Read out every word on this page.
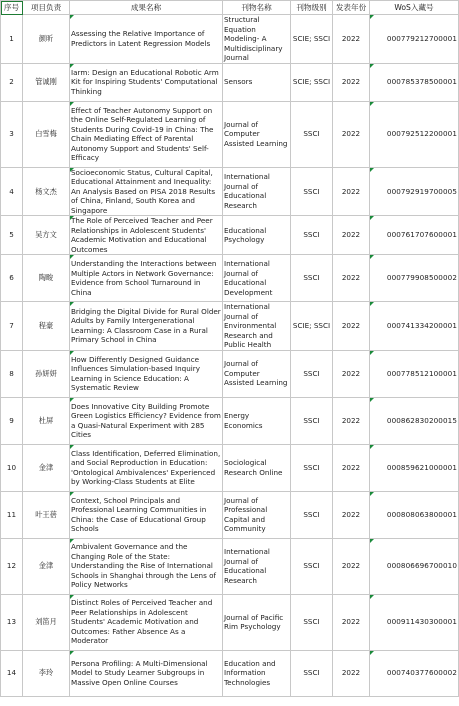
序号	项目负责	成果名称	刊物名称	刊物级别	发表年份	WoS入藏号
1	颜昕	Assessing the Relative Importance of Predictors in Latent Regression Models	Structural Equation Modeling- A Multidisciplinary Journal	SCIE; SSCI	2022	000779212700001
2	管诚刚	Iarm: Design an Educational Robotic Arm Kit for Inspiring Students' Computational Thinking	Sensors	SCIE; SSCI	2022	000785378500001
3	白雪梅	Effect of Teacher Autonomy Support on the Online Self-Regulated Learning of Students During Covid-19 in China: The Chain Mediating Effect of Parental Autonomy Support and Students' Self-Efficacy	Journal of Computer Assisted Learning	SSCI	2022	000792512200001
4	杨文杰	Socioeconomic Status, Cultural Capital, Educational Attainment and Inequality: An Analysis Based on PISA 2018 Results of China, Finland, South Korea and Singapore	International Journal of Educational Research	SSCI	2022	000792919700005
5	吴方文	The Role of Perceived Teacher and Peer Relationships in Adolescent Students' Academic Motivation and Educational Outcomes	Educational Psychology	SSCI	2022	000761707600001
6	陶畯	Understanding the Interactions between Multiple Actors in Network Governance: Evidence from School Turnaround in China	International Journal of Educational Development	SSCI	2022	000779908500002
7	程豪	Bridging the Digital Divide for Rural Older Adults by Family Intergenerational Learning: A Classroom Case in a Rural Primary School in China	International Journal of Environmental Research and Public Health	SCIE; SSCI	2022	000741334200001
8	孙妍妍	How Differently Designed Guidance Influences Simulation-based Inquiry Learning in Science Education: A Systematic Review	Journal of Computer Assisted Learning	SSCI	2022	000778512100001
9	杜屏	Does Innovative City Building Promote Green Logistics Efficiency? Evidence from a Quasi-Natural Experiment with 285 Cities	Energy Economics	SSCI	2022	000862830200015
10	金津	Class Identification, Deferred Elimination, and Social Reproduction in Education: 'Ontological Ambivalences' Experienced by Working-Class Students at Elite	Sociological Research Online	SSCI	2022	000859621000001
11	叶王蓓	Context, School Principals and Professional Learning Communities in China: the Case of Educational Group Schools	Journal of Professional Capital and Community	SSCI	2022	000808063800001
12	金津	Ambivalent Governance and the Changing Role of the State: Understanding the Rise of International Schools in Shanghai through the Lens of Policy Networks	International Journal of Educational Research	SSCI	2022	000806696700010
13	刘笛月	Distinct Roles of Perceived Teacher and Peer Relationships in Adolescent Students' Academic Motivation and Outcomes: Father Absence As a Moderator	Journal of Pacific Rim Psychology	SSCI	2022	000911430300001
14	李玲	Persona Profiling: A Multi-Dimensional Model to Study Learner Subgroups in Massive Open Online Courses	Education and Information Technologies	SSCI	2022	000740377600002
